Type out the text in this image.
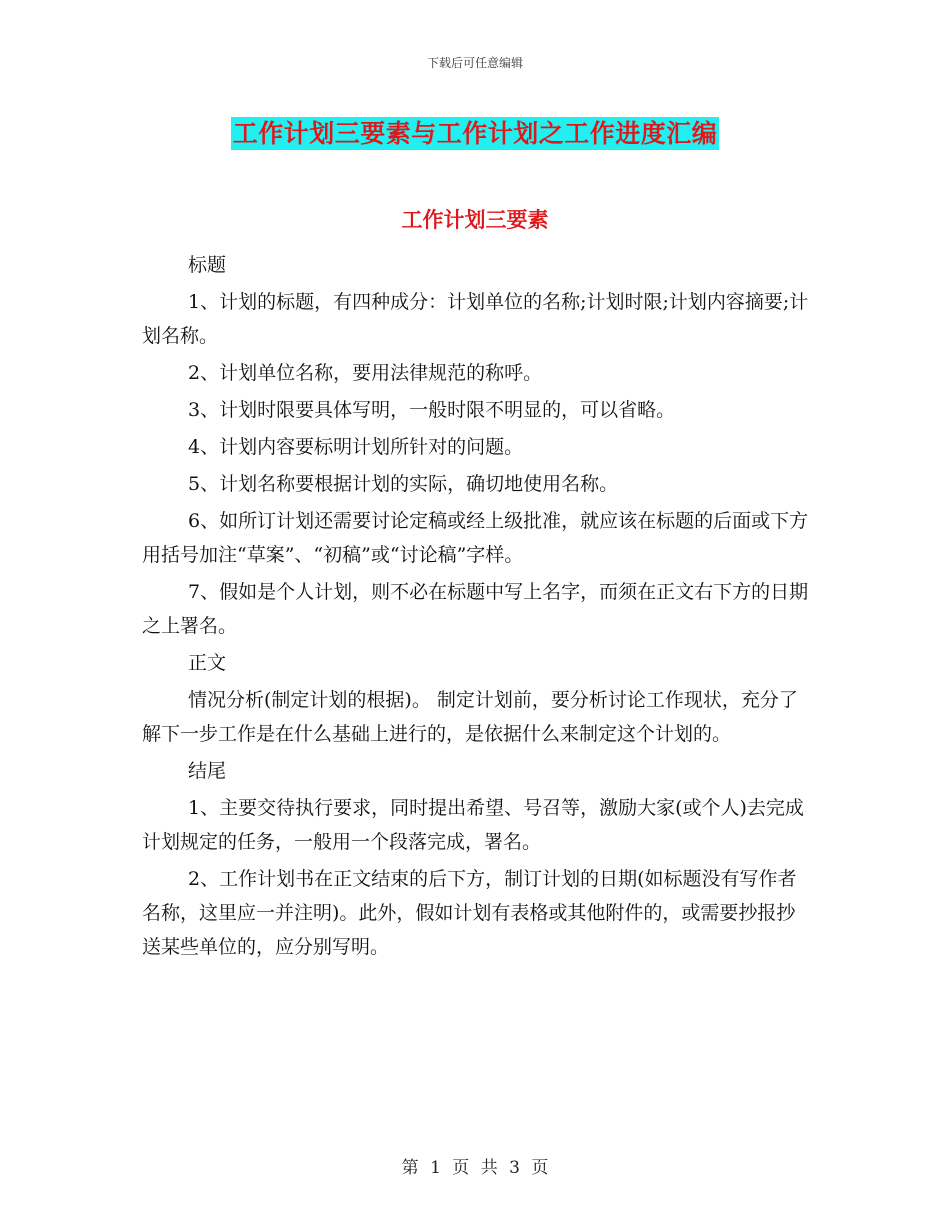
下载后可任意编辑
工作计划三要素与工作计划之工作进度汇编
工作计划三要素

标题

1、计划的标题，有四种成分：计划单位的名称;计划时限;计划内容摘要;计划名称。

2、计划单位名称，要用法律规范的称呼。

3、计划时限要具体写明，一般时限不明显的，可以省略。

4、计划内容要标明计划所针对的问题。

5、计划名称要根据计划的实际，确切地使用名称。

6、如所订计划还需要讨论定稿或经上级批准，就应该在标题的后面或下方用括号加注“草案”、“初稿”或“讨论稿”字样。

7、假如是个人计划，则不必在标题中写上名字，而须在正文右下方的日期之上署名。

正文

情况分析(制定计划的根据)。 制定计划前，要分析讨论工作现状，充分了解下一步工作是在什么基础上进行的，是依据什么来制定这个计划的。

结尾

1、主要交待执行要求，同时提出希望、号召等，激励大家(或个人)去完成计划规定的任务，一般用一个段落完成，署名。

2、工作计划书在正文结束的后下方，制订计划的日期(如标题没有写作者名称，这里应一并注明)。此外，假如计划有表格或其他附件的，或需要抄报抄送某些单位的，应分别写明。

第 1 页 共 3 页
